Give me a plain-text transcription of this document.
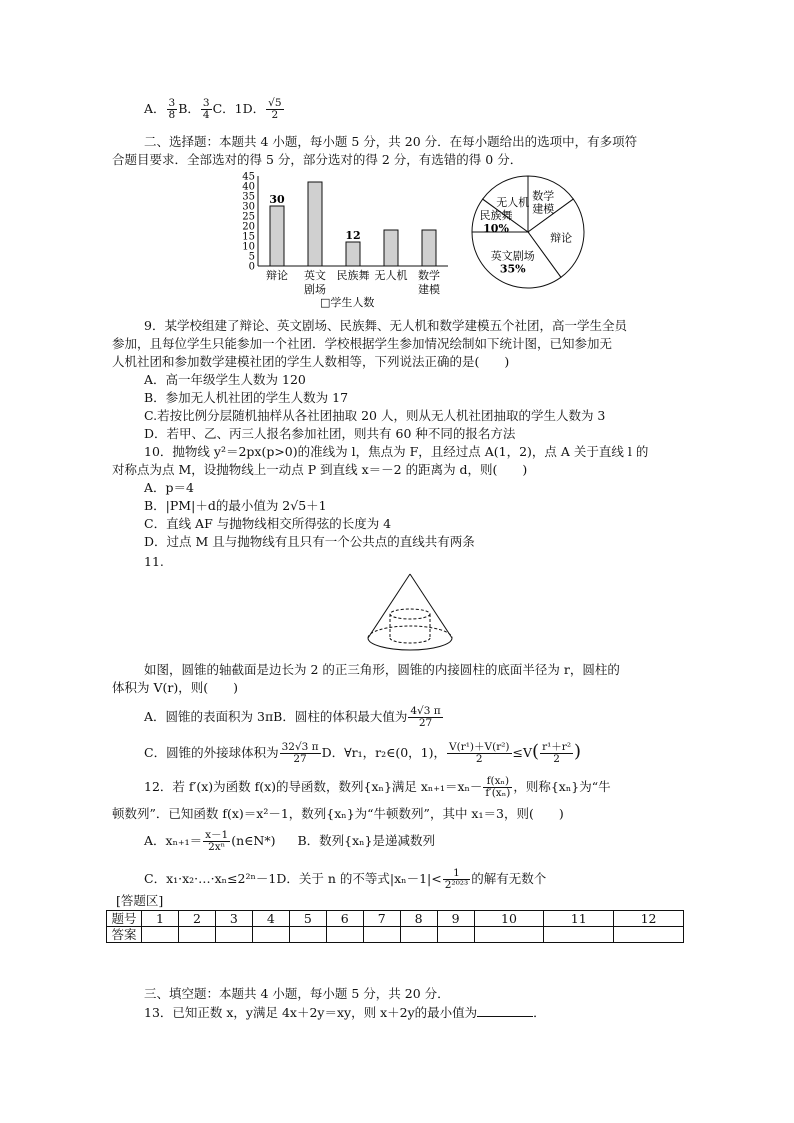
A． $\frac{3}{8}$ B． $\frac{3}{4}$ C．1D． $\frac{√5}{2}$
二、选择题：本题共 4 小题，每小题 5 分，共 20 分．在每小题给出的选项中，有多项符
合题目要求．全部选对的得 5 分，部分选对的得 2 分，有选错的得 0 分．
0
5
10
15
20
25
30
35
40
45
30
12
辩论 英文
剧场
民族舞 无人机 数学
建模
□学生人数
数学
建模
辩论
英文剧场
35%
民族舞
10%
无人机
9．某学校组建了辩论、英文剧场、民族舞、无人机和数学建模五个社团，高一学生全员
参加，且每位学生只能参加一个社团．学校根据学生参加情况绘制如下统计图，已知参加无
人机社团和参加数学建模社团的学生人数相等，下列说法正确的是(　　)
A．高一年级学生人数为 120
B．参加无人机社团的学生人数为 17
C.若按比例分层随机抽样从各社团抽取 20 人，则从无人机社团抽取的学生人数为 3
D．若甲、乙、丙三人报名参加社团，则共有 60 种不同的报名方法
10．抛物线 y²＝2px(p>0)的准线为 l，焦点为 F，且经过点 A(1，2)，点 A 关于直线 l 的
对称点为点 M，设抛物线上一动点 P 到直线 x＝－2 的距离为 d，则(　　)
A．p＝4
B．|PM|＋d的最小值为 2√5＋1
C．直线 AF 与抛物线相交所得弦的长度为 4
D．过点 M 且与抛物线有且只有一个公共点的直线共有两条
11.
如图，圆锥的轴截面是边长为 2 的正三角形，圆锥的内接圆柱的底面半径为 r，圆柱的
体积为 V(r)，则(　　)
A．圆锥的表面积为 3πB．圆柱的体积最大值为 $\frac{4√3 \pi}{27}$
C．圆锥的外接球体积为 $\frac{32√3 \pi}{27}$ D．∀r₁，r₂∈(0，1)， $\frac{\text{V(r¹)＋V(r²)}}{2} \le V( \frac{\text{r¹＋r²}}{2}$ )
12．若 f′(x)为函数 f(x)的导函数，数列{xₙ}满足 $x_{n+1}=x_n- \frac{\text{f(xₙ)}}{\text{f′(xₙ)}}$ ，则称{xₙ}为“牛
顿数列”．已知函数 f(x)＝x²－1，数列{xₙ}为“牛顿数列”，其中 x₁＝3，则(　　)
A．$x_{n+1}= \frac{x-1}{\text{2xⁿ}}$ (n∈N*) B．数列{xₙ}是递减数列
C．x₁·x₂·…·xₙ≤2²ⁿ－1D．关于 n 的不等式$|x_n-1|< \frac{1}{\text{2²⁰²³}}$ 的解有无数个
[答题区]
题号	1	2	3	4	5	6	7	8	9	10	11	12
答案												
三、填空题：本题共 4 小题，每小题 5 分，共 20 分．
13．已知正数 x，y满足 4x＋2y＝xy，则 x＋2y的最小值为	．
